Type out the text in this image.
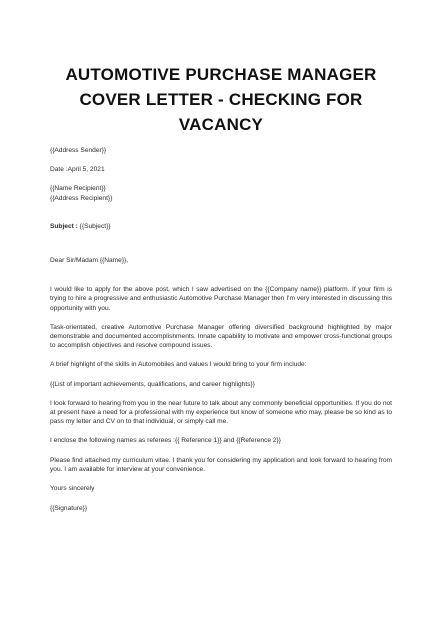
AUTOMOTIVE PURCHASE MANAGER
COVER LETTER - CHECKING FOR VACANCY

{{Address Sender}}

Date :April 5, 2021

{{Name Recipient}}
{{Address Recipient}}

Subject : {{Subject}}

Dear Sir/Madam {{Name}},

I would like to apply for the above post, which I saw advertised on the {{Company name}} platform. If your firm is trying to hire a progressive and enthusiastic Automotive Purchase Manager then I'm very interested in discussing this opportunity with you.

Task-orientated, creative Automotive Purchase Manager offering diversified background highlighted by major demonstrable and documented accomplishments. Innate capability to motivate and empower cross-functional groups to accomplish objectives and resolve compound issues.

A brief highlight of the skills in Automobiles and values I would bring to your firm include:

{{List of important achievements, qualifications, and career highlights}}

I look forward to hearing from you in the near future to talk about any commonly beneficial opportunities. If you do not at present have a need for a professional with my experience but know of someone who may, please be so kind as to pass my letter and CV on to that individual, or simply call me.

I enclose the following names as referees :{{ Reference 1}} and {{Reference 2}}

Please find attached my curriculum vitae. I thank you for considering my application and look forward to hearing from you. I am available for interview at your convenience.

Yours sincerely

{{Signature}}
